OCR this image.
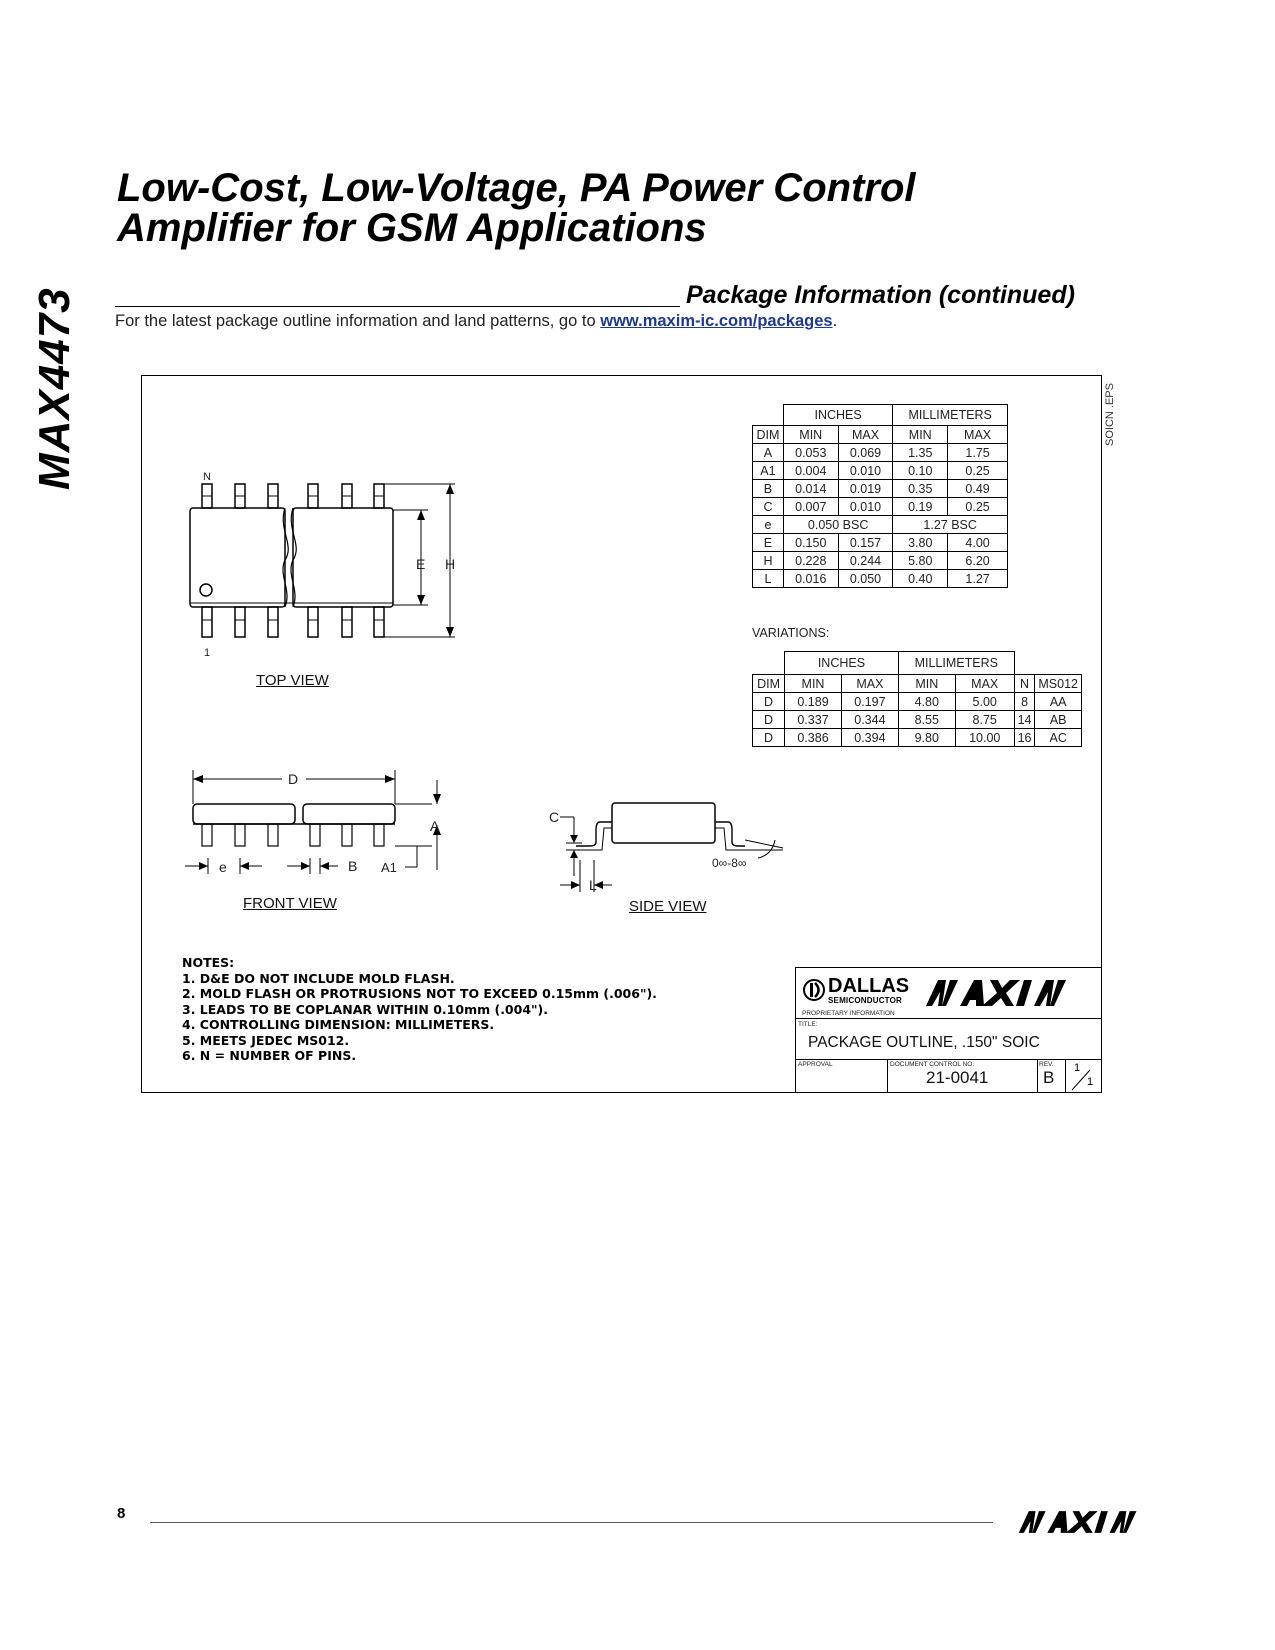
MAX4473
Low-Cost, Low-Voltage, PA Power Control
Amplifier for GSM Applications
Package Information (continued)
For the latest package outline information and land patterns, go to www.maxim-ic.com/packages.
SOICN .EPS
N
1
E H
D
A
A1
e	B
C
L
0∞-8∞
	INCHES		MILLIMETERS	
DIM	MIN	MAX	MIN	MAX
A	0.053	0.069	1.35	1.75
A1	0.004	0.010	0.10	0.25
B	0.014	0.019	0.35	0.49
C	0.007	0.010	0.19	0.25
e	0.050 BSC		1.27 BSC	
E	0.150	0.157	3.80	4.00
H	0.228	0.244	5.80	6.20
L	0.016	0.050	0.40	1.27
VARIATIONS:
	INCHES		MILLIMETERS			
DIM	MIN	MAX	MIN	MAX	N	MS012
D	0.189	0.197	4.80	5.00	8	AA
D	0.337	0.344	8.55	8.75	14	AB
D	0.386	0.394	9.80	10.00	16	AC
TOP VIEW
FRONT VIEW	SIDE VIEW
NOTES:
1. D&E DO NOT INCLUDE MOLD FLASH.
2. MOLD FLASH OR PROTRUSIONS NOT TO EXCEED 0.15mm (.006").
3. LEADS TO BE COPLANAR WITHIN 0.10mm (.004").
4. CONTROLLING DIMENSION: MILLIMETERS.
5. MEETS JEDEC MS012.
6. N = NUMBER OF PINS.
DALLAS
SEMICONDUCTOR
PROPRIETARY INFORMATION
TITLE:
PACKAGE OUTLINE, .150" SOIC
APPROVAL	DOCUMENT CONTROL NO.
21-0041
REV.
B 1
1
8
